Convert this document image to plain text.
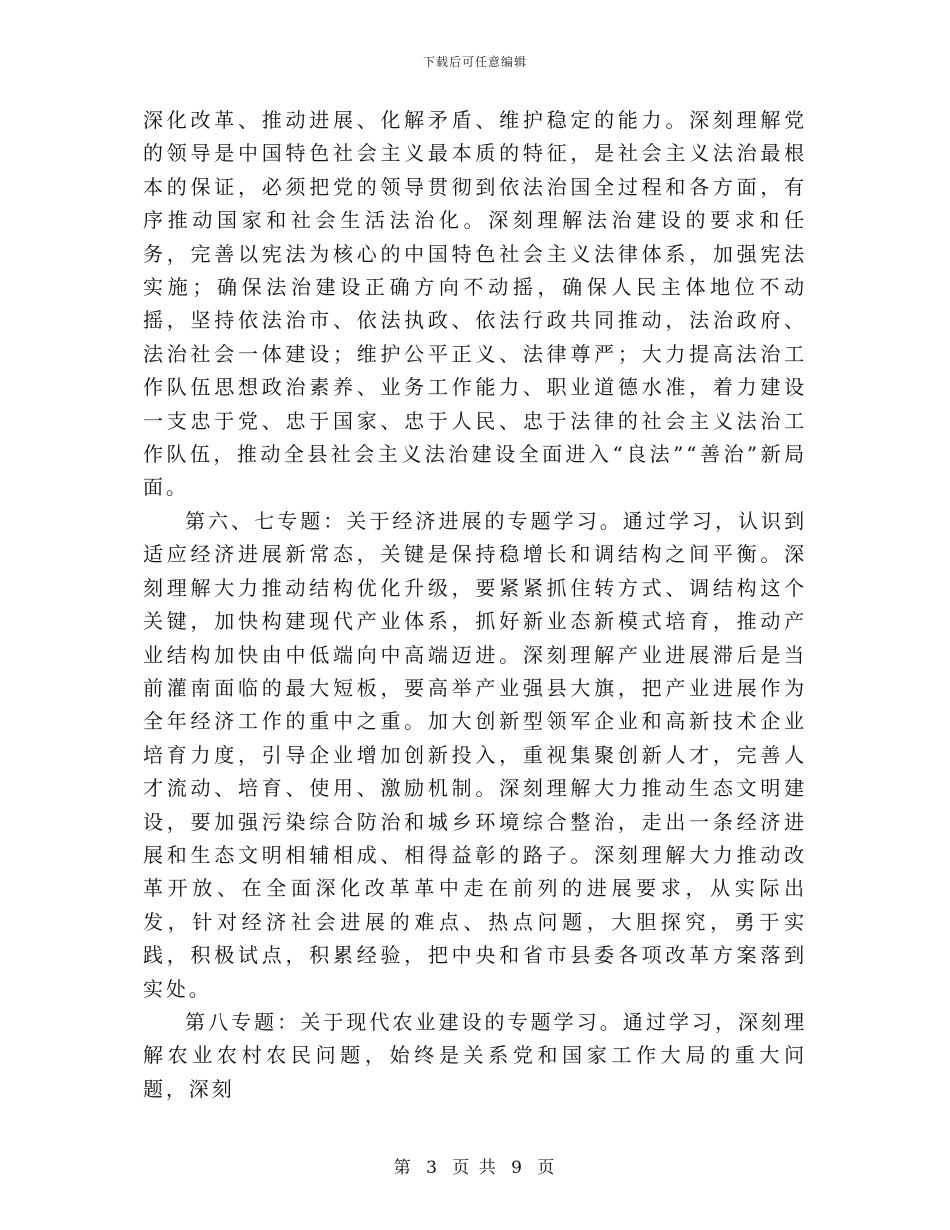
下载后可任意编辑

深化改革、推动进展、化解矛盾、维护稳定的能力。深刻理解党的领导是中国特色社会主义最本质的特征，是社会主义法治最根本的保证，必须把党的领导贯彻到依法治国全过程和各方面，有序推动国家和社会生活法治化。深刻理解法治建设的要求和任务，完善以宪法为核心的中国特色社会主义法律体系，加强宪法实施；确保法治建设正确方向不动摇，确保人民主体地位不动摇，坚持依法治市、依法执政、依法行政共同推动，法治政府、法治社会一体建设；维护公平正义、法律尊严；大力提高法治工作队伍思想政治素养、业务工作能力、职业道德水准，着力建设一支忠于党、忠于国家、忠于人民、忠于法律的社会主义法治工作队伍，推动全县社会主义法治建设全面进入“良法”“善治”新局面。

第六、七专题：关于经济进展的专题学习。通过学习，认识到适应经济进展新常态，关键是保持稳增长和调结构之间平衡。深刻理解大力推动结构优化升级，要紧紧抓住转方式、调结构这个关键，加快构建现代产业体系，抓好新业态新模式培育，推动产业结构加快由中低端向中高端迈进。深刻理解产业进展滞后是当前灌南面临的最大短板，要高举产业强县大旗，把产业进展作为全年经济工作的重中之重。加大创新型领军企业和高新技术企业培育力度，引导企业增加创新投入，重视集聚创新人才，完善人才流动、培育、使用、激励机制。深刻理解大力推动生态文明建设，要加强污染综合防治和城乡环境综合整治，走出一条经济进展和生态文明相辅相成、相得益彰的路子。深刻理解大力推动改革开放、在全面深化改革革中走在前列的进展要求，从实际出发，针对经济社会进展的难点、热点问题，大胆探究，勇于实践，积极试点，积累经验，把中央和省市县委各项改革方案落到实处。

第八专题：关于现代农业建设的专题学习。通过学习，深刻理解农业农村农民问题，始终是关系党和国家工作大局的重大问题，深刻

第 3 页 共 9 页
